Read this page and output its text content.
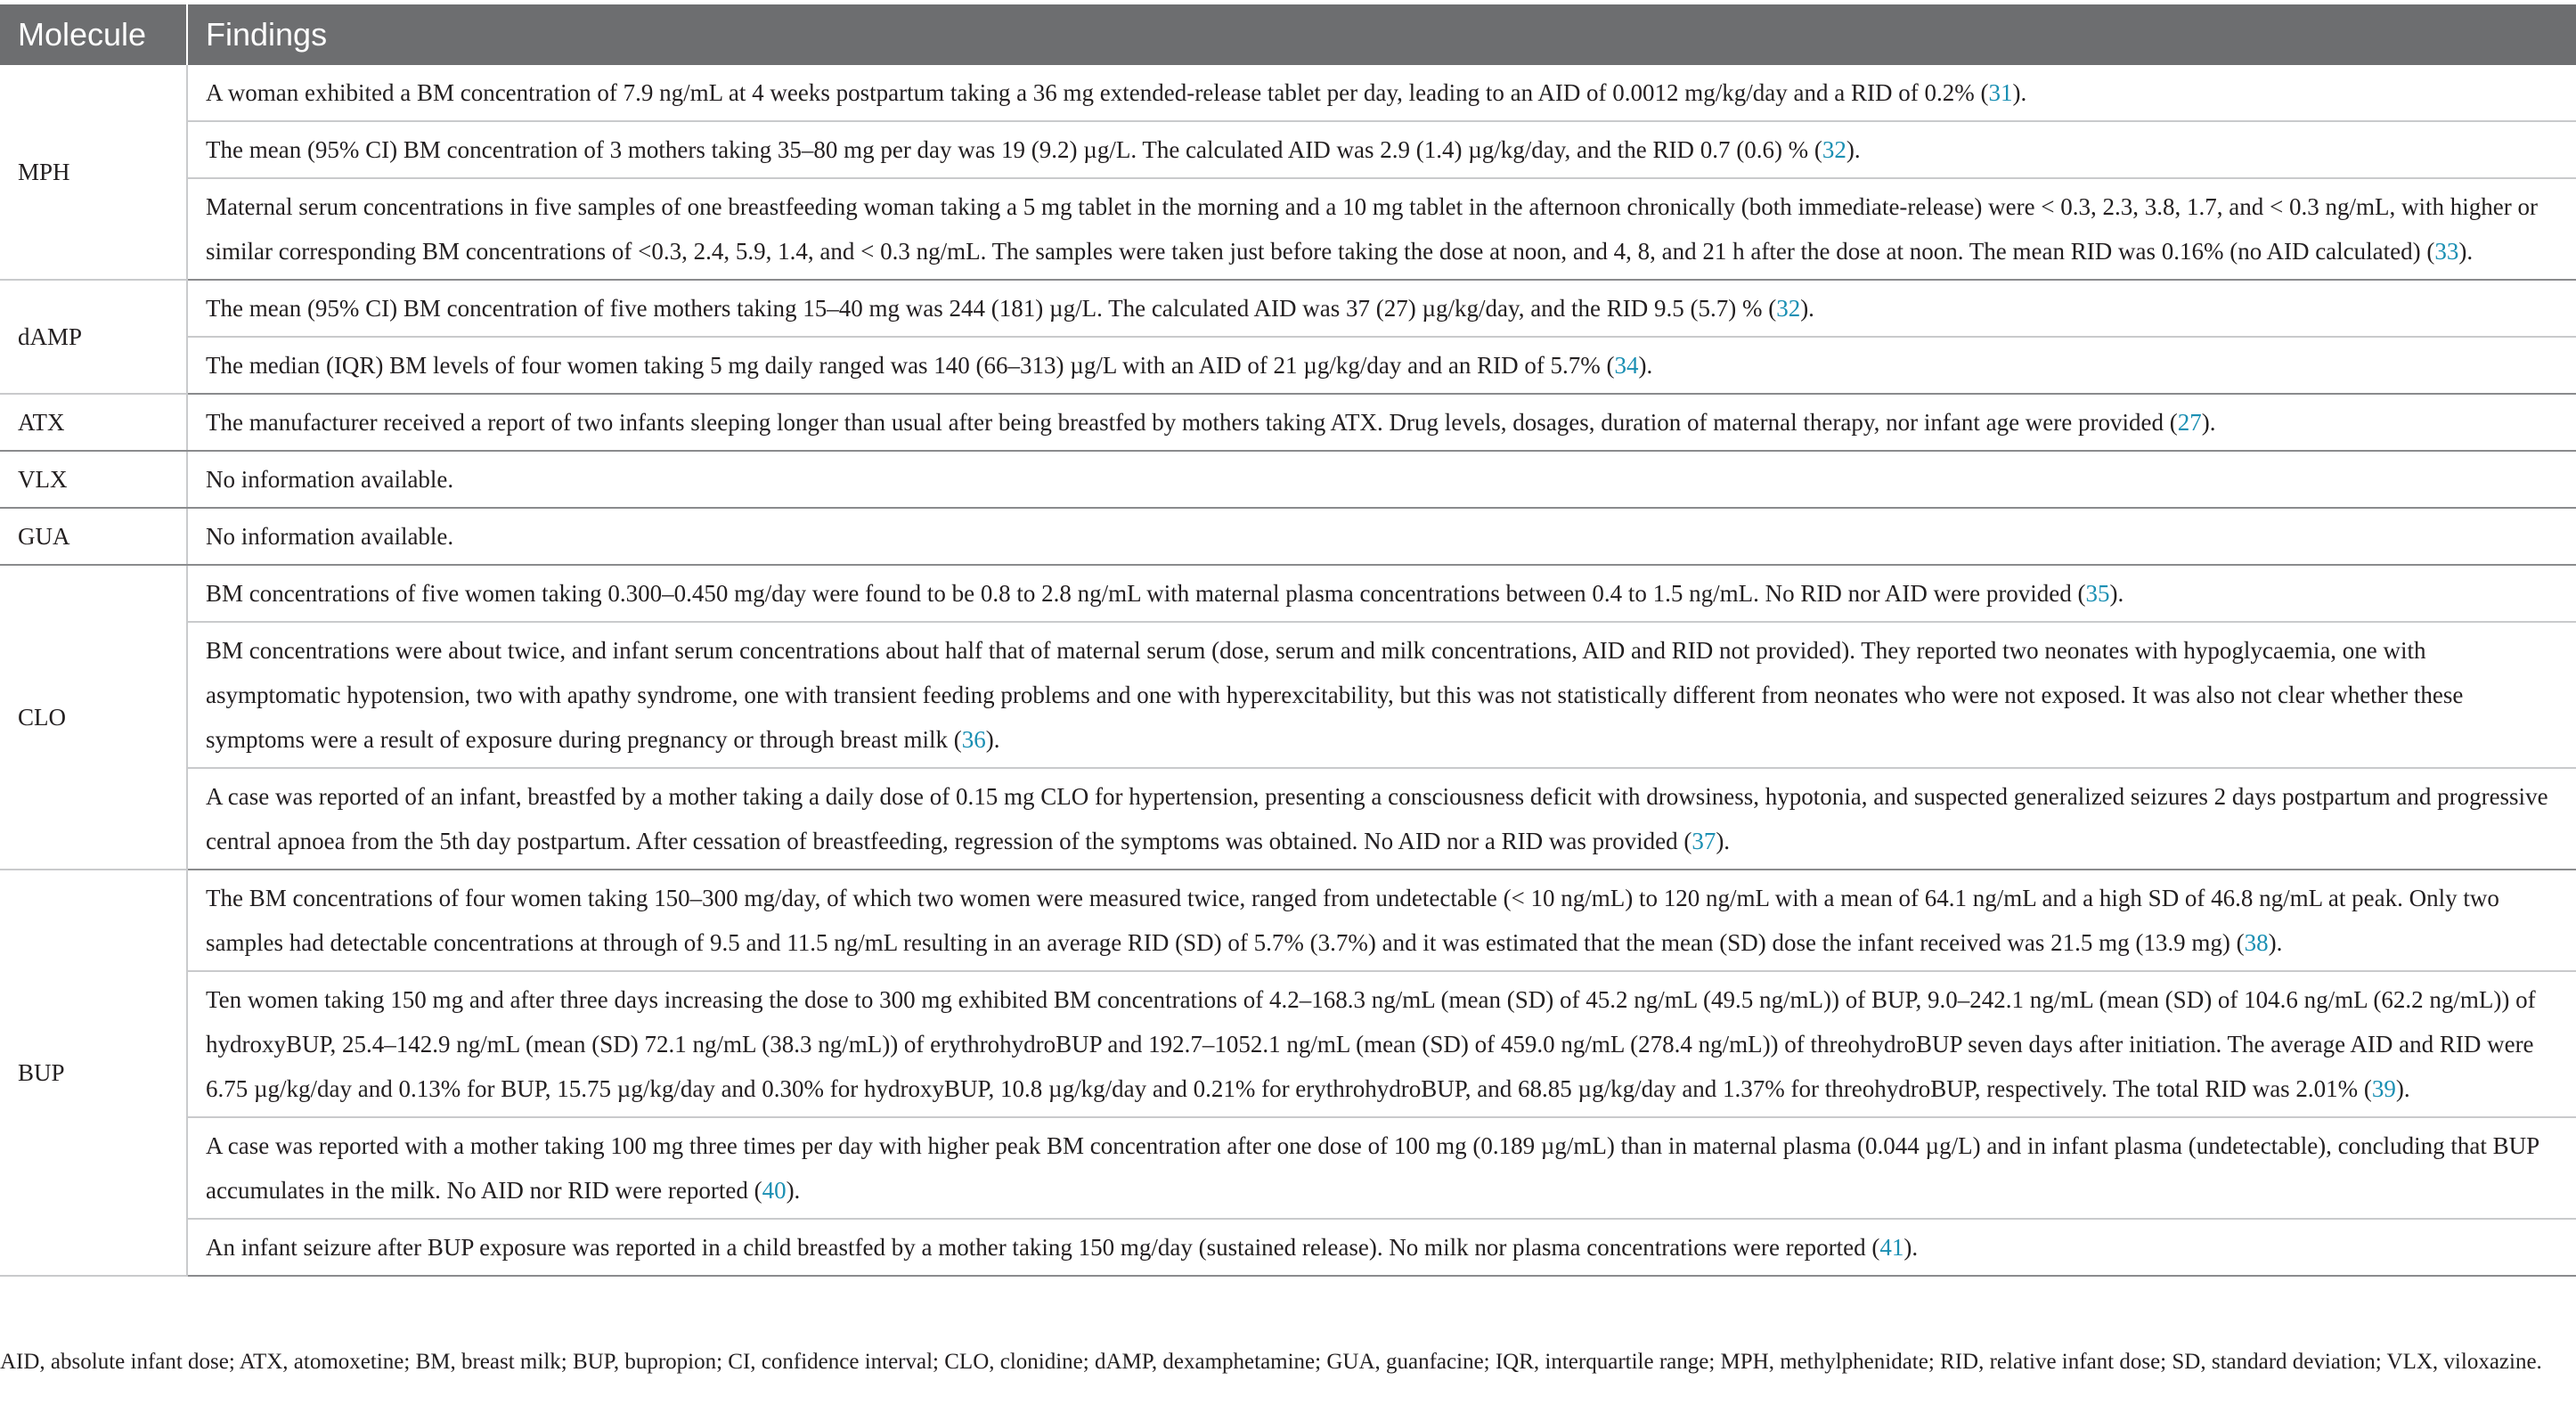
Molecule	Findings
MPH	A woman exhibited a BM concentration of 7.9 ng/mL at 4 weeks postpartum taking a 36 mg extended-release tablet per day, leading to an AID of 0.0012 mg/kg/day and a RID of 0.2% (31).
	The mean (95% CI) BM concentration of 3 mothers taking 35–80 mg per day was 19 (9.2) µg/L. The calculated AID was 2.9 (1.4) µg/kg/day, and the RID 0.7 (0.6) % (32).
	Maternal serum concentrations in five samples of one breastfeeding woman taking a 5 mg tablet in the morning and a 10 mg tablet in the afternoon chronically (both immediate-release) were < 0.3, 2.3, 3.8, 1.7, and < 0.3 ng/mL, with higher or similar corresponding BM concentrations of <0.3, 2.4, 5.9, 1.4, and < 0.3 ng/mL. The samples were taken just before taking the dose at noon, and 4, 8, and 21 h after the dose at noon. The mean RID was 0.16% (no AID calculated) (33).
dAMP	The mean (95% CI) BM concentration of five mothers taking 15–40 mg was 244 (181) µg/L. The calculated AID was 37 (27) µg/kg/day, and the RID 9.5 (5.7) % (32).
	The median (IQR) BM levels of four women taking 5 mg daily ranged was 140 (66–313) µg/L with an AID of 21 µg/kg/day and an RID of 5.7% (34).
ATX	The manufacturer received a report of two infants sleeping longer than usual after being breastfed by mothers taking ATX. Drug levels, dosages, duration of maternal therapy, nor infant age were provided (27).
VLX	No information available.
GUA	No information available.
CLO	BM concentrations of five women taking 0.300–0.450 mg/day were found to be 0.8 to 2.8 ng/mL with maternal plasma concentrations between 0.4 to 1.5 ng/mL. No RID nor AID were provided (35).
	BM concentrations were about twice, and infant serum concentrations about half that of maternal serum (dose, serum and milk concentrations, AID and RID not provided). They reported two neonates with hypoglycaemia, one with asymptomatic hypotension, two with apathy syndrome, one with transient feeding problems and one with hyperexcitability, but this was not statistically different from neonates who were not exposed. It was also not clear whether these symptoms were a result of exposure during pregnancy or through breast milk (36).
	A case was reported of an infant, breastfed by a mother taking a daily dose of 0.15 mg CLO for hypertension, presenting a consciousness deficit with drowsiness, hypotonia, and suspected generalized seizures 2 days postpartum and progressive central apnoea from the 5th day postpartum. After cessation of breastfeeding, regression of the symptoms was obtained. No AID nor a RID was provided (37).
BUP	The BM concentrations of four women taking 150–300 mg/day, of which two women were measured twice, ranged from undetectable (< 10 ng/mL) to 120 ng/mL with a mean of 64.1 ng/mL and a high SD of 46.8 ng/mL at peak. Only two samples had detectable concentrations at through of 9.5 and 11.5 ng/mL resulting in an average RID (SD) of 5.7% (3.7%) and it was estimated that the mean (SD) dose the infant received was 21.5 mg (13.9 mg) (38).
	Ten women taking 150 mg and after three days increasing the dose to 300 mg exhibited BM concentrations of 4.2–168.3 ng/mL (mean (SD) of 45.2 ng/mL (49.5 ng/mL)) of BUP, 9.0–242.1 ng/mL (mean (SD) of 104.6 ng/mL (62.2 ng/mL)) of hydroxyBUP, 25.4–142.9 ng/mL (mean (SD) 72.1 ng/mL (38.3 ng/mL)) of erythrohydroBUP and 192.7–1052.1 ng/mL (mean (SD) of 459.0 ng/mL (278.4 ng/mL)) of threohydroBUP seven days after initiation. The average AID and RID were 6.75 µg/kg/day and 0.13% for BUP, 15.75 µg/kg/day and 0.30% for hydroxyBUP, 10.8 µg/kg/day and 0.21% for erythrohydroBUP, and 68.85 µg/kg/day and 1.37% for threohydroBUP, respectively. The total RID was 2.01% (39).
	A case was reported with a mother taking 100 mg three times per day with higher peak BM concentration after one dose of 100 mg (0.189 µg/mL) than in maternal plasma (0.044 µg/L) and in infant plasma (undetectable), concluding that BUP accumulates in the milk. No AID nor RID were reported (40).
	An infant seizure after BUP exposure was reported in a child breastfed by a mother taking 150 mg/day (sustained release). No milk nor plasma concentrations were reported (41).
AID, absolute infant dose; ATX, atomoxetine; BM, breast milk; BUP, bupropion; CI, confidence interval; CLO, clonidine; dAMP, dexamphetamine; GUA, guanfacine; IQR, interquartile range; MPH, methylphenidate; RID, relative infant dose; SD, standard deviation; VLX, viloxazine.
